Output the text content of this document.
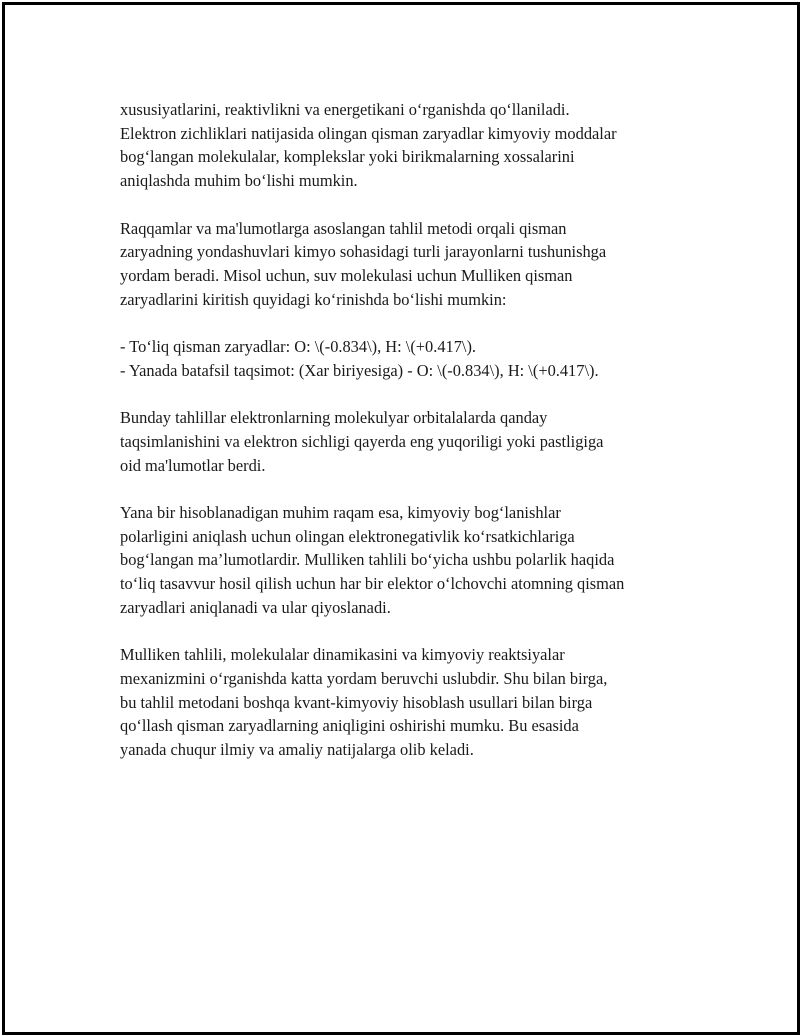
xususiyatlarini, reaktivlikni va energetikani o‘rganishda qo‘llaniladi.
Elektron zichliklari natijasida olingan qisman zaryadlar kimyoviy moddalar
bog‘langan molekulalar, komplekslar yoki birikmalarning xossalarini
aniqlashda muhim bo‘lishi mumkin.

Raqqamlar va ma'lumotlarga asoslangan tahlil metodi orqali qisman
zaryadning yondashuvlari kimyo sohasidagi turli jarayonlarni tushunishga
yordam beradi. Misol uchun, suv molekulasi uchun Mulliken qisman
zaryadlarini kiritish quyidagi ko‘rinishda bo‘lishi mumkin:

- To‘liq qisman zaryadlar: O: \(-0.834\), H: \(+0.417\).
- Yanada batafsil taqsimot: (Xar biriyesiga) - O: \(-0.834\), H: \(+0.417\).

Bunday tahlillar elektronlarning molekulyar orbitalalarda qanday
taqsimlanishini va elektron sichligi qayerda eng yuqoriligi yoki pastligiga
oid ma'lumotlar berdi.

Yana bir hisoblanadigan muhim raqam esa, kimyoviy bog‘lanishlar
polarligini aniqlash uchun olingan elektronegativlik ko‘rsatkichlariga
bog‘langan ma’lumotlardir. Mulliken tahlili bo‘yicha ushbu polarlik haqida
to‘liq tasavvur hosil qilish uchun har bir elektor o‘lchovchi atomning qisman
zaryadlari aniqlanadi va ular qiyoslanadi.

Mulliken tahlili, molekulalar dinamikasini va kimyoviy reaktsiyalar
mexanizmini o‘rganishda katta yordam beruvchi uslubdir. Shu bilan birga,
bu tahlil metodani boshqa kvant-kimyoviy hisoblash usullari bilan birga
qo‘llash qisman zaryadlarning aniqligini oshirishi mumku. Bu esasida
yanada chuqur ilmiy va amaliy natijalarga olib keladi.
